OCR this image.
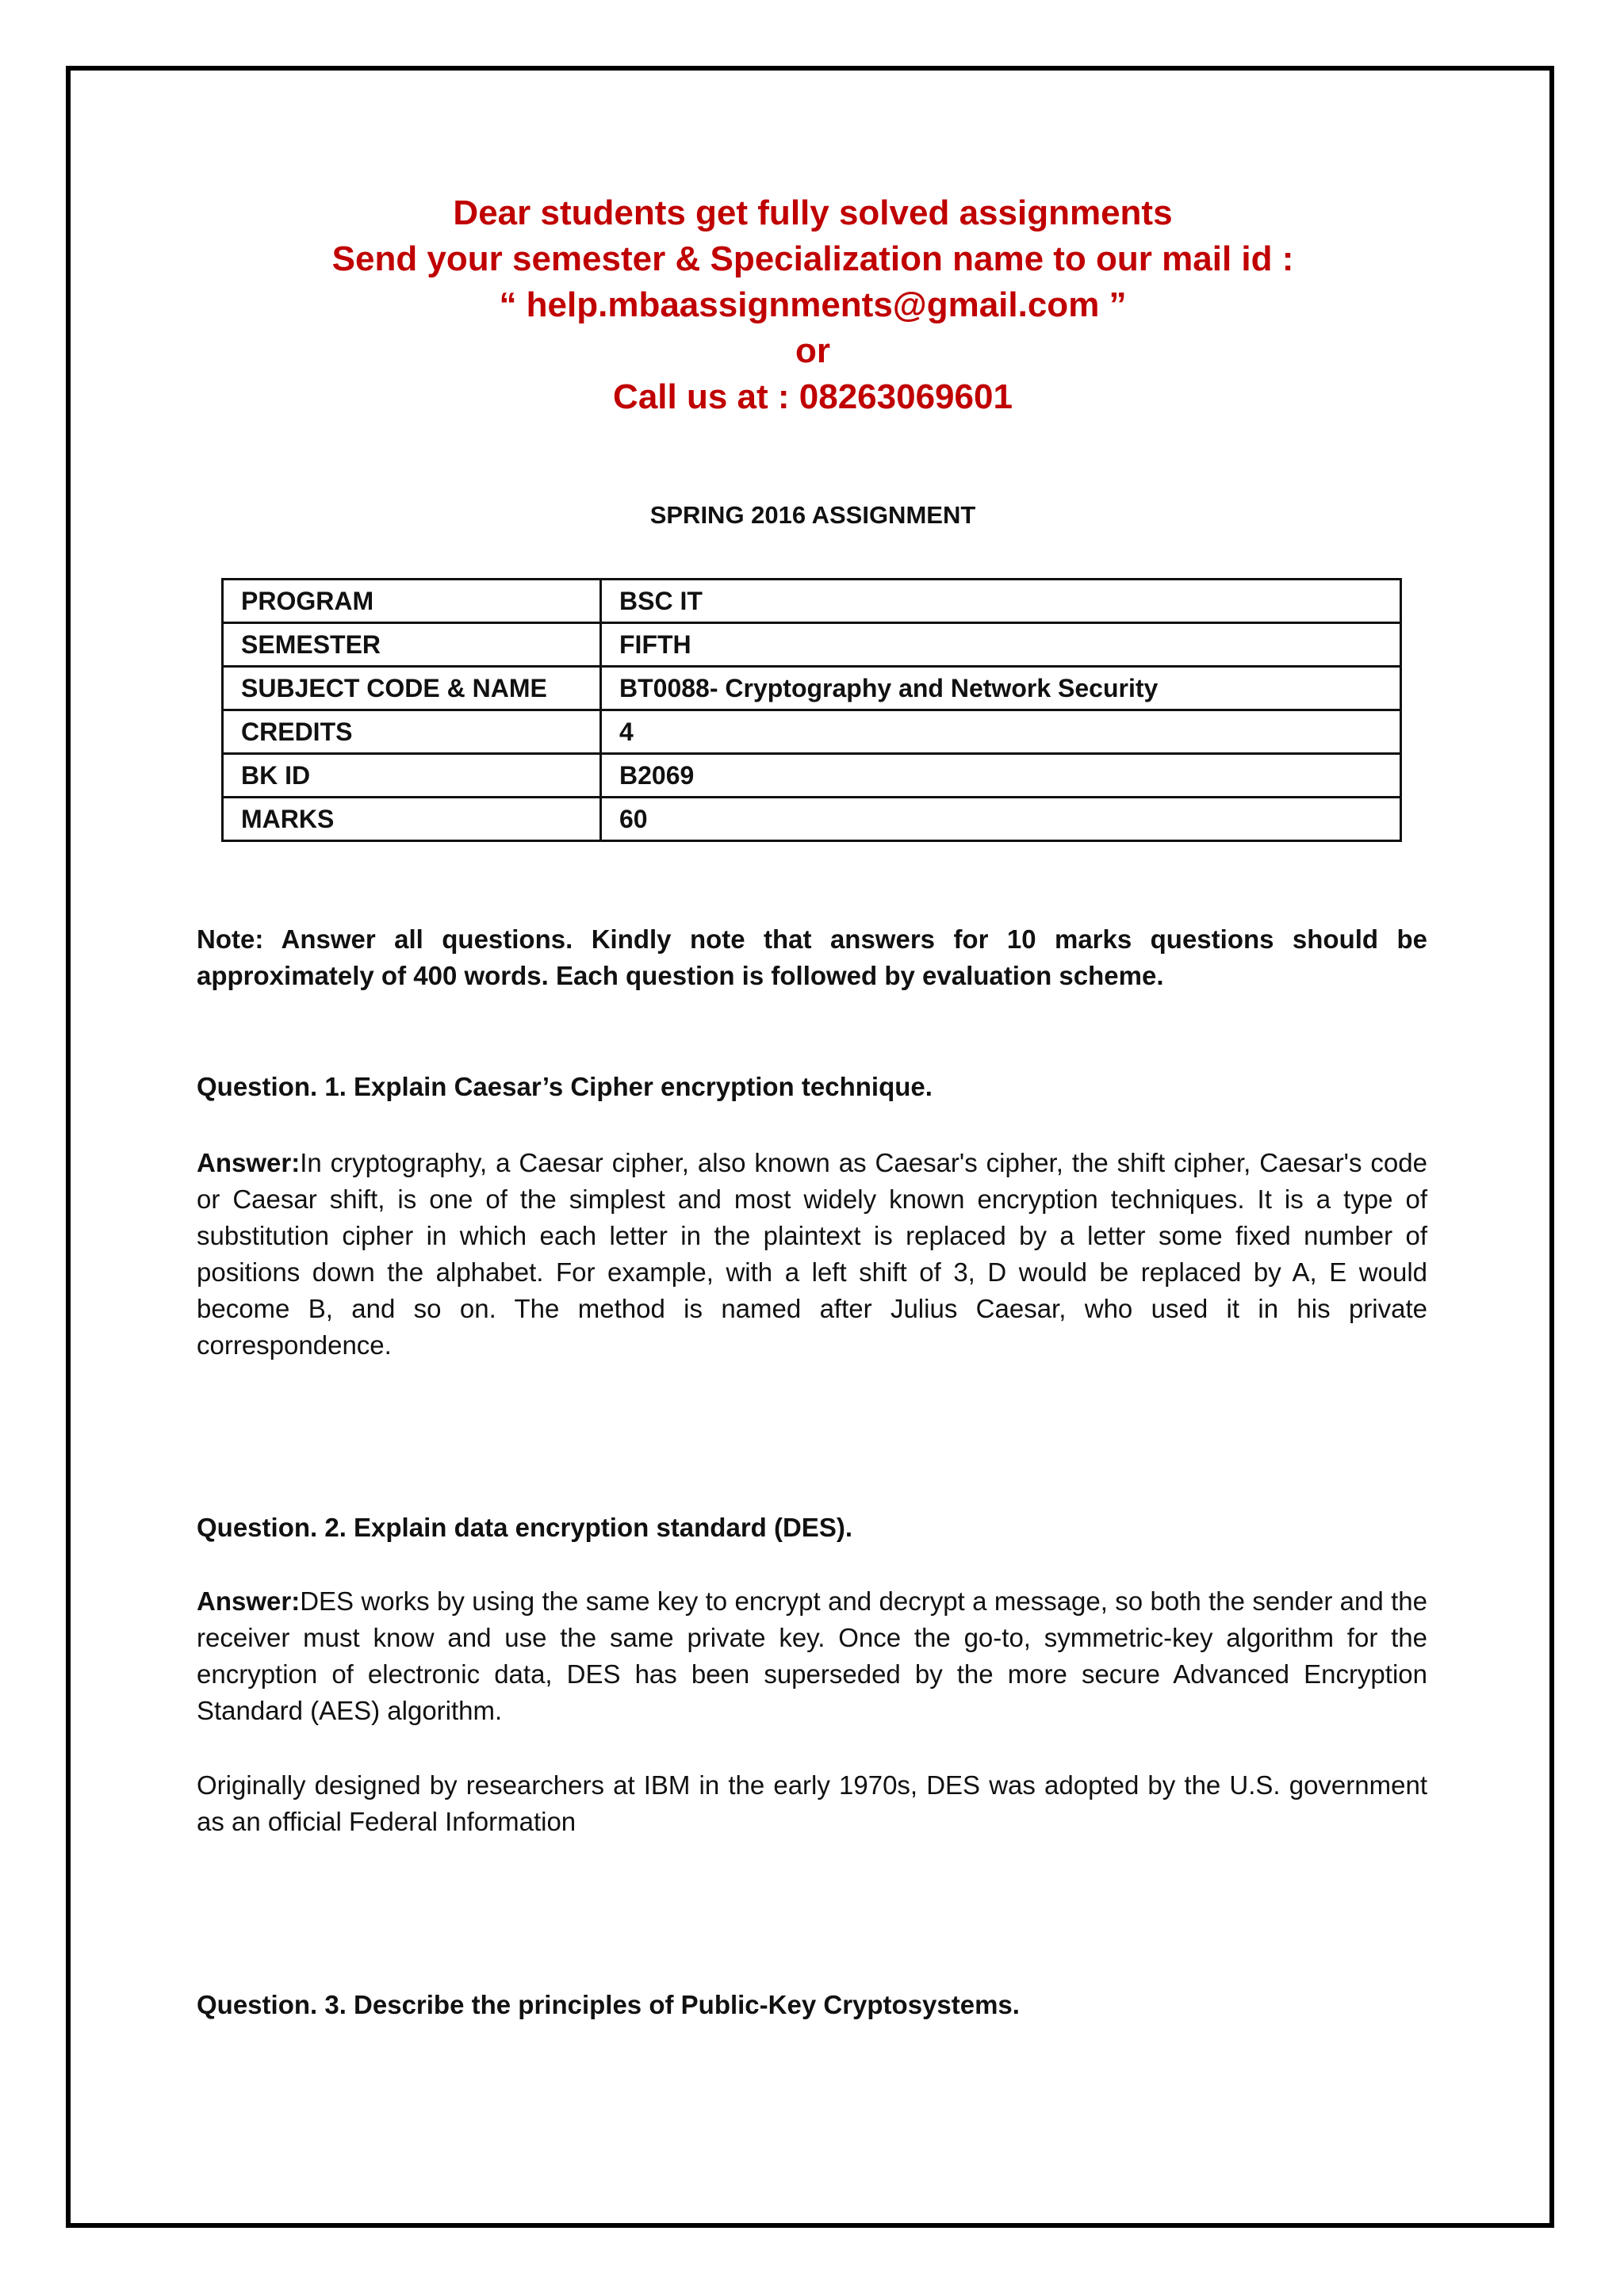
Dear students get fully solved assignments
Send your semester & Specialization name to our mail id :
“ help.mbaassignments@gmail.com ”
or
Call us at : 08263069601
SPRING 2016 ASSIGNMENT
PROGRAM	BSC IT
SEMESTER	FIFTH
SUBJECT CODE & NAME	BT0088- Cryptography and Network Security
CREDITS	4
BK ID	B2069
MARKS	60
Note: Answer all questions. Kindly note that answers for 10 marks questions should be approximately of 400 words. Each question is followed by evaluation scheme.
Question. 1. Explain Caesar’s Cipher encryption technique.
Answer:In cryptography, a Caesar cipher, also known as Caesar's cipher, the shift cipher, Caesar's code or Caesar shift, is one of the simplest and most widely known encryption techniques. It is a type of substitution cipher in which each letter in the plaintext is replaced by a letter some fixed number of positions down the alphabet. For example, with a left shift of 3, D would be replaced by A, E would become B, and so on. The method is named after Julius Caesar, who used it in his private correspondence.
Question. 2. Explain data encryption standard (DES).
Answer:DES works by using the same key to encrypt and decrypt a message, so both the sender and the receiver must know and use the same private key. Once the go-to, symmetric-key algorithm for the encryption of electronic data, DES has been superseded by the more secure Advanced Encryption Standard (AES) algorithm.
Originally designed by researchers at IBM in the early 1970s, DES was adopted by the U.S. government as an official Federal Information
Question. 3. Describe the principles of Public-Key Cryptosystems.
